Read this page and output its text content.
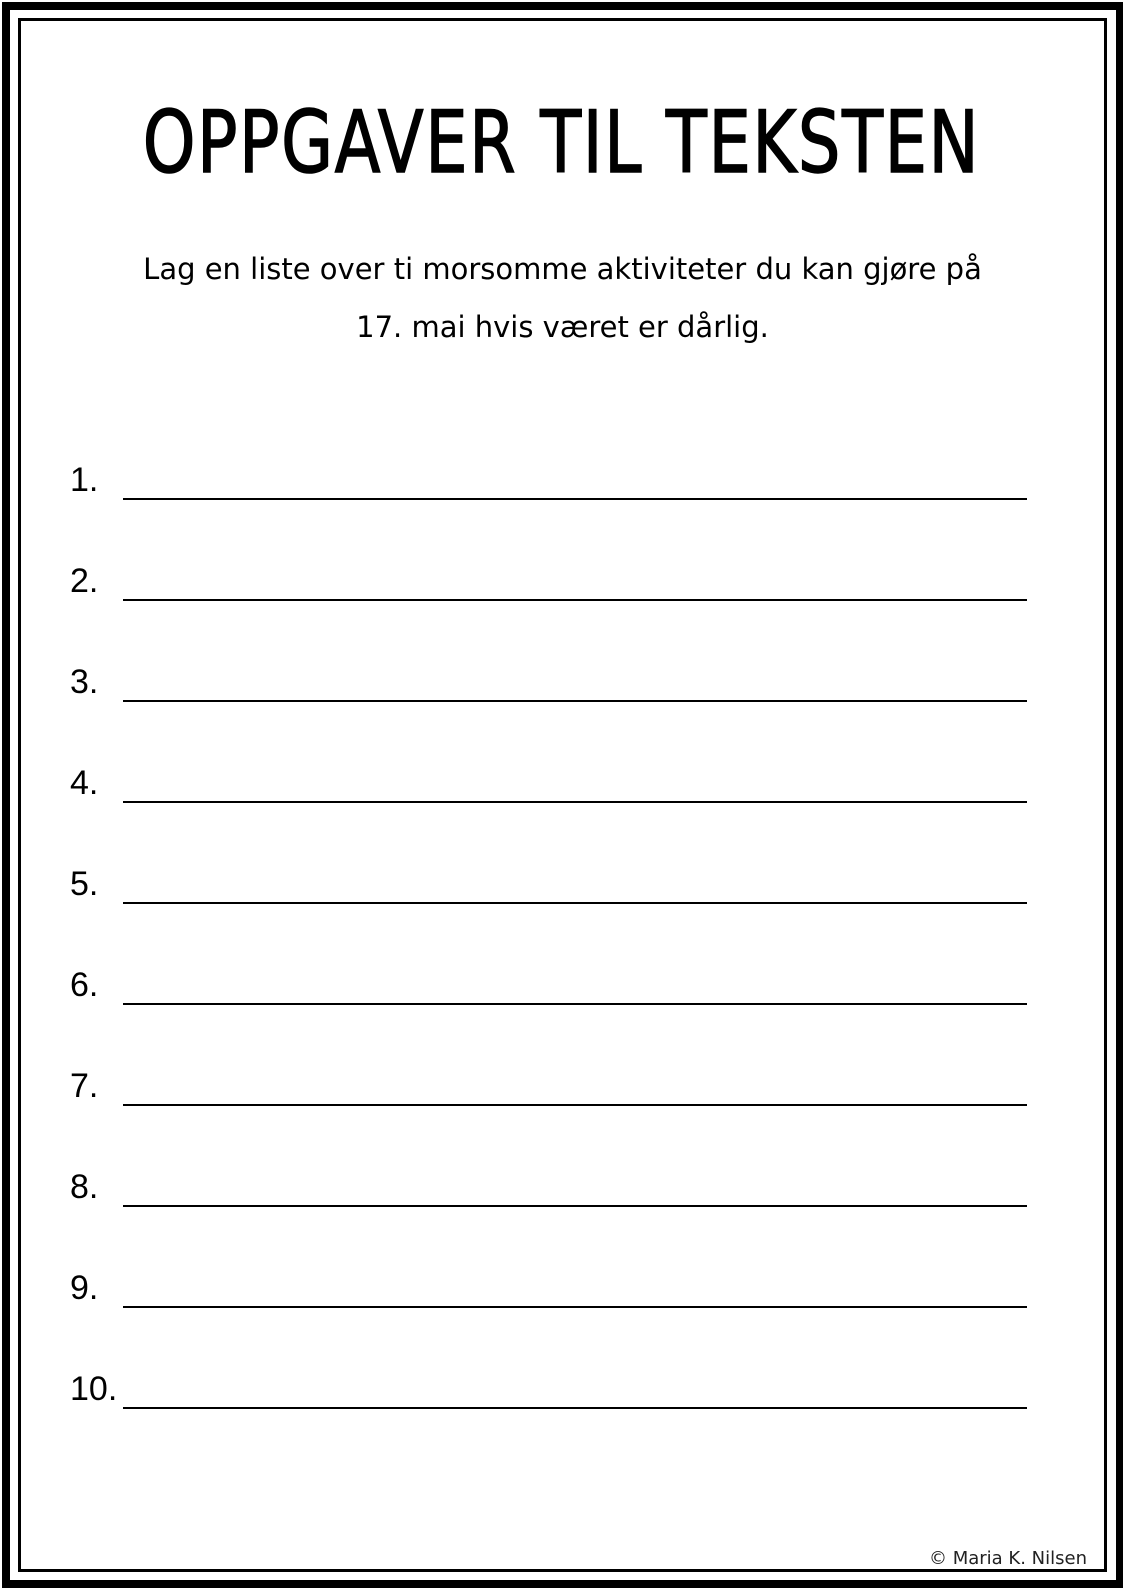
OPPGAVER TIL TEKSTEN
Lag en liste over ti morsomme aktiviteter du kan gjøre på
17. mai hvis været er dårlig.
1.
2.
3.
4.
5.
6.
7.
8.
9.
10.
© Maria K. Nilsen
